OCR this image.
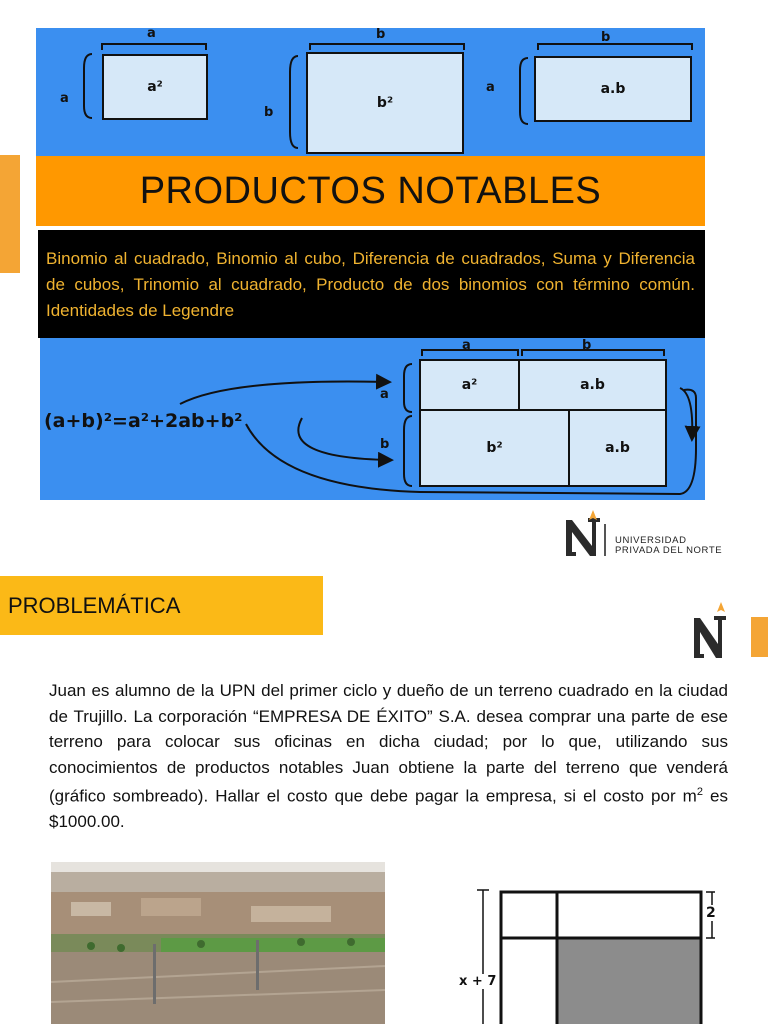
a
a
a²
b
b
b²
b
a	a.b
PRODUCTOS NOTABLES
Binomio al cuadrado, Binomio al cubo, Diferencia de cuadrados, Suma y Diferencia de cubos, Trinomio al cuadrado, Producto de dos binomios con término común. Identidades de Legendre
(a+b)²=a²+2ab+b²
a	b
a
b
a²	a.b
b²	a.b
UNIVERSIDAD
PRIVADA DEL NORTE
PROBLEMÁTICA
Juan es alumno de la UPN del primer ciclo y dueño de un terreno cuadrado en la ciudad de Trujillo. La corporación “EMPRESA DE ÉXITO” S.A. desea comprar una parte de ese terreno para colocar sus oficinas en dicha ciudad; por lo que, utilizando sus conocimientos de productos notables Juan obtiene la parte del terreno que venderá (gráfico sombreado). Hallar el costo que debe pagar la empresa, si el costo por $m^2$ es $1000.00.
x + 7
2
